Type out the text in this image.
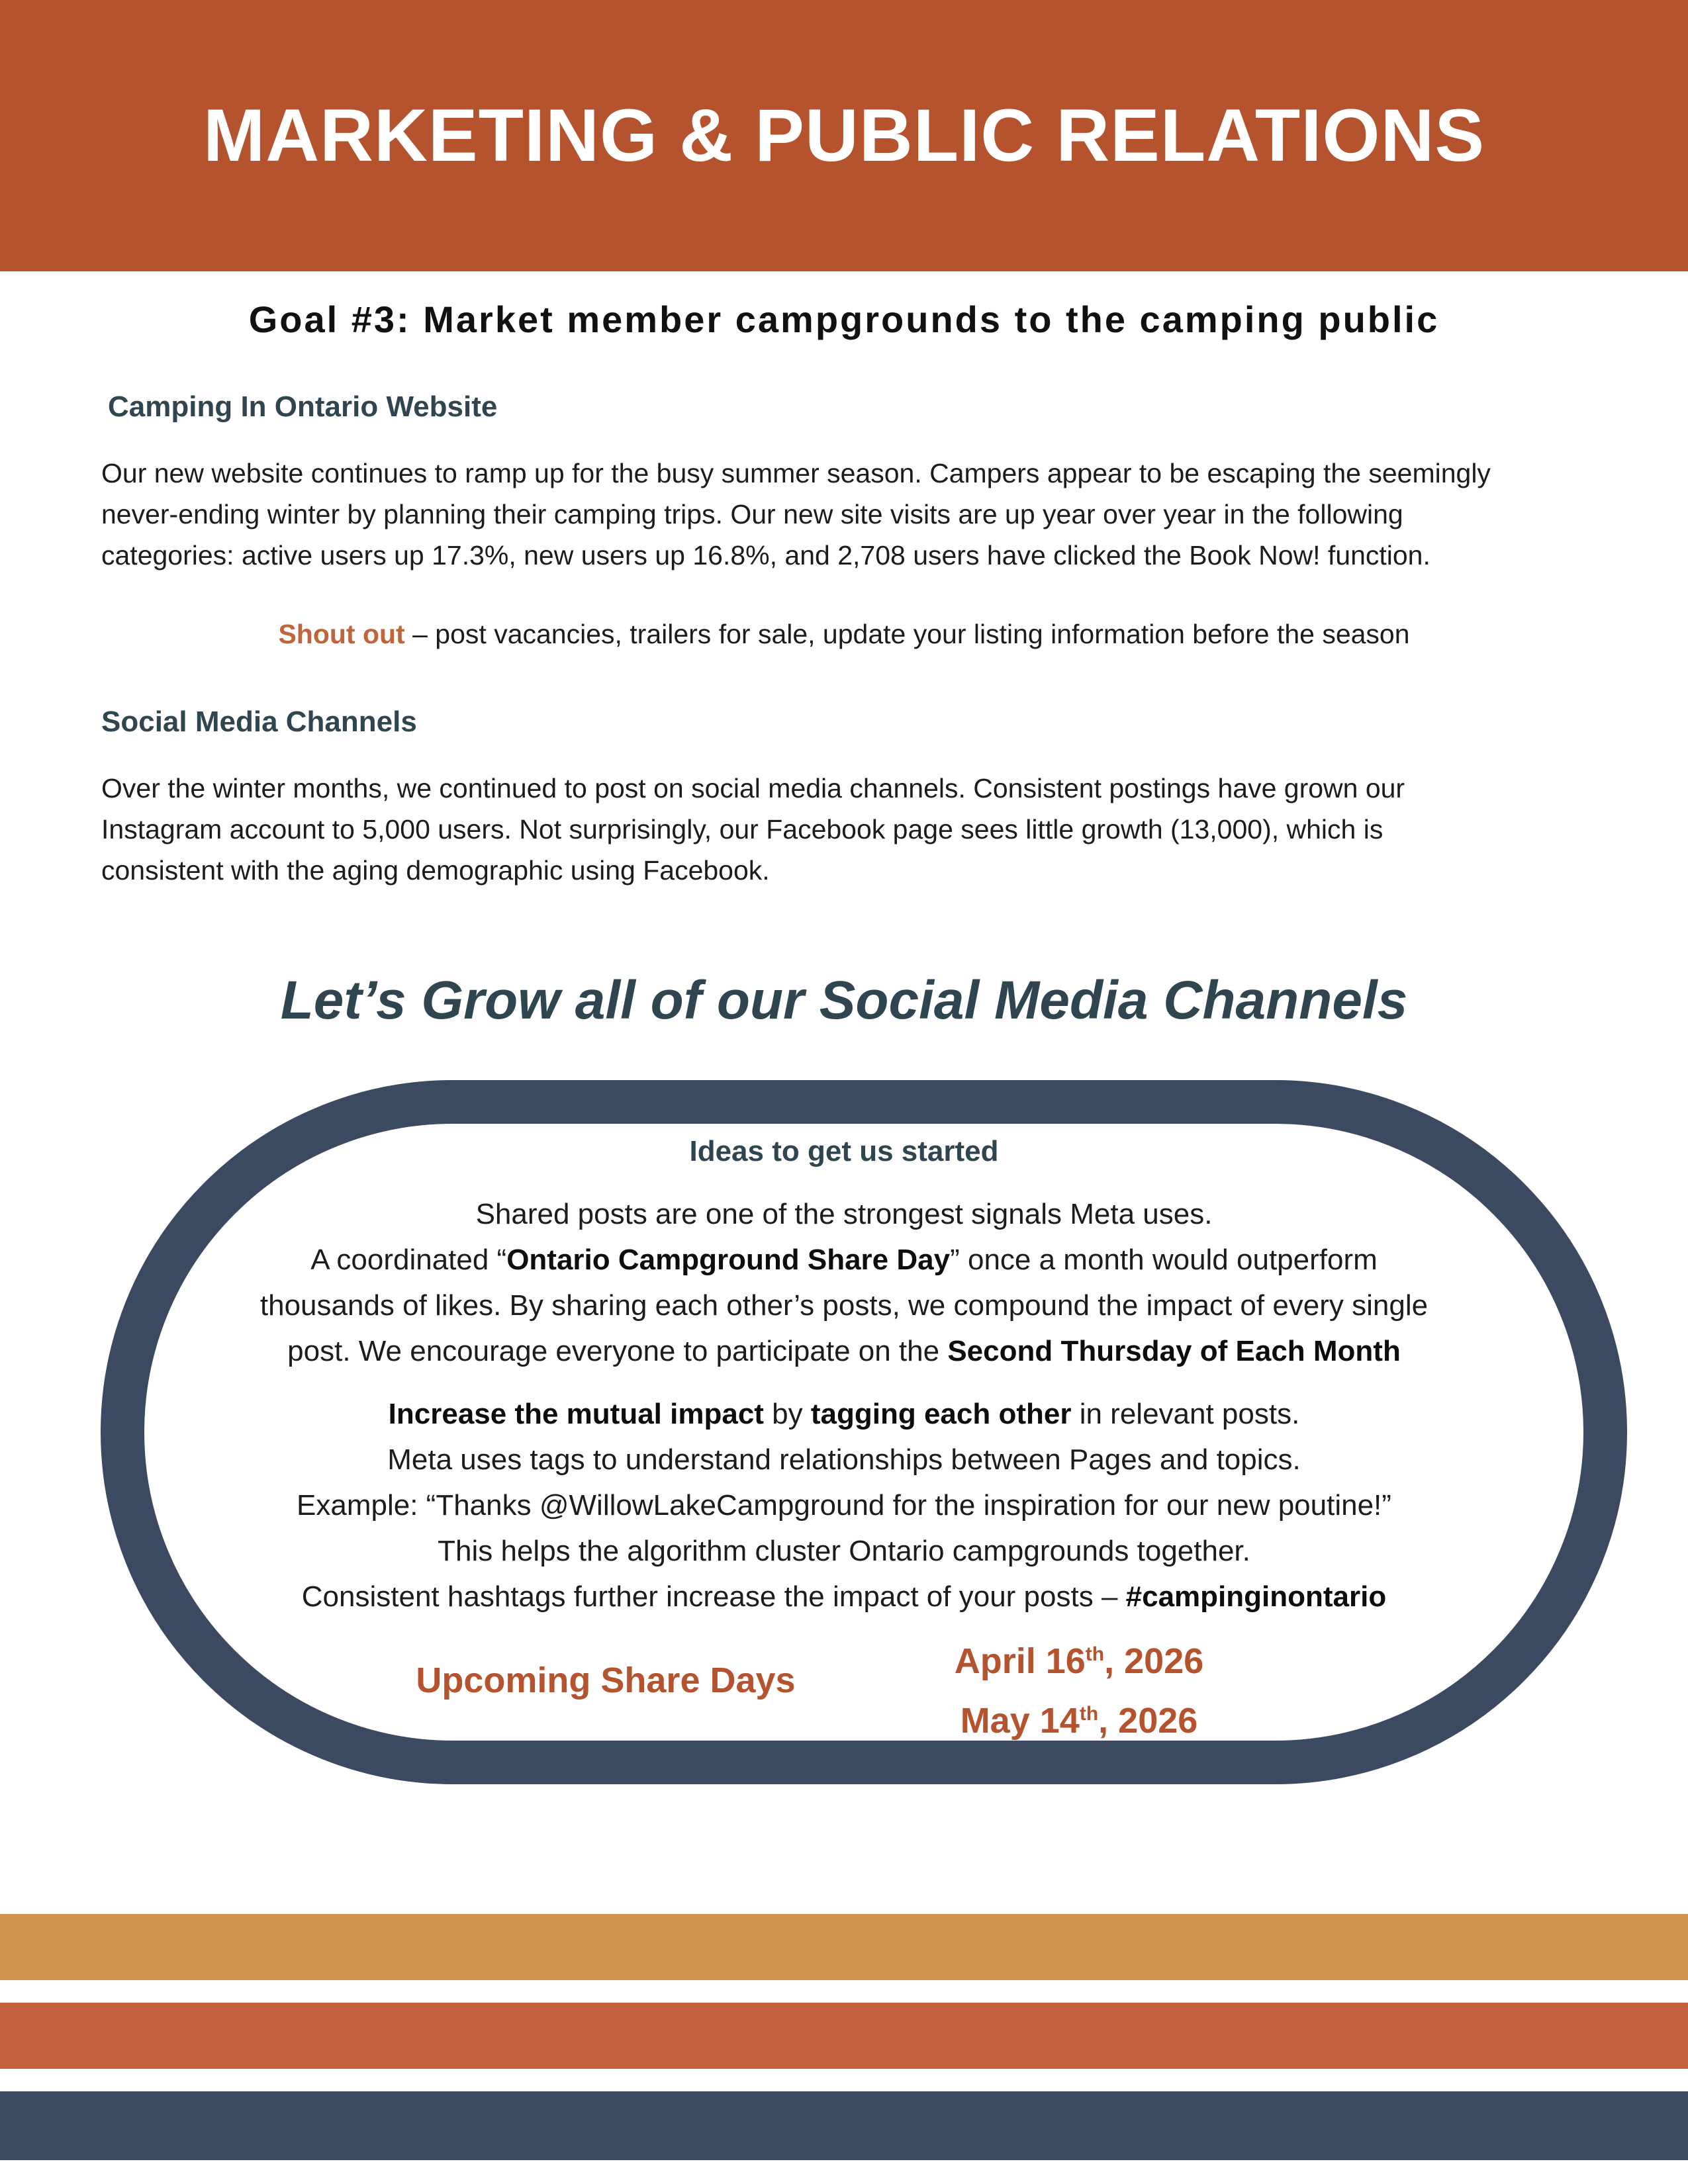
MARKETING & PUBLIC RELATIONS
Goal #3: Market member campgrounds to the camping public
Camping In Ontario Website
Our new website continues to ramp up for the busy summer season. Campers appear to be escaping the seemingly
never-ending winter by planning their camping trips. Our new site visits are up year over year in the following
categories: active users up 17.3%, new users up 16.8%, and 2,708 users have clicked the Book Now! function.
Shout out – post vacancies, trailers for sale, update your listing information before the season
Social Media Channels
Over the winter months, we continued to post on social media channels. Consistent postings have grown our
Instagram account to 5,000 users. Not surprisingly, our Facebook page sees little growth (13,000), which is
consistent with the aging demographic using Facebook.
Let’s Grow all of our Social Media Channels
Ideas to get us started
Shared posts are one of the strongest signals Meta uses.
A coordinated “Ontario Campground Share Day” once a month would outperform
thousands of likes. By sharing each other’s posts, we compound the impact of every single
post. We encourage everyone to participate on the Second Thursday of Each Month
Increase the mutual impact by tagging each other in relevant posts.
Meta uses tags to understand relationships between Pages and topics.
Example: “Thanks @WillowLakeCampground for the inspiration for our new poutine!”
This helps the algorithm cluster Ontario campgrounds together.
Consistent hashtags further increase the impact of your posts – #campinginontario
Upcoming Share Days	April 16th, 2026
May 14th, 2026
